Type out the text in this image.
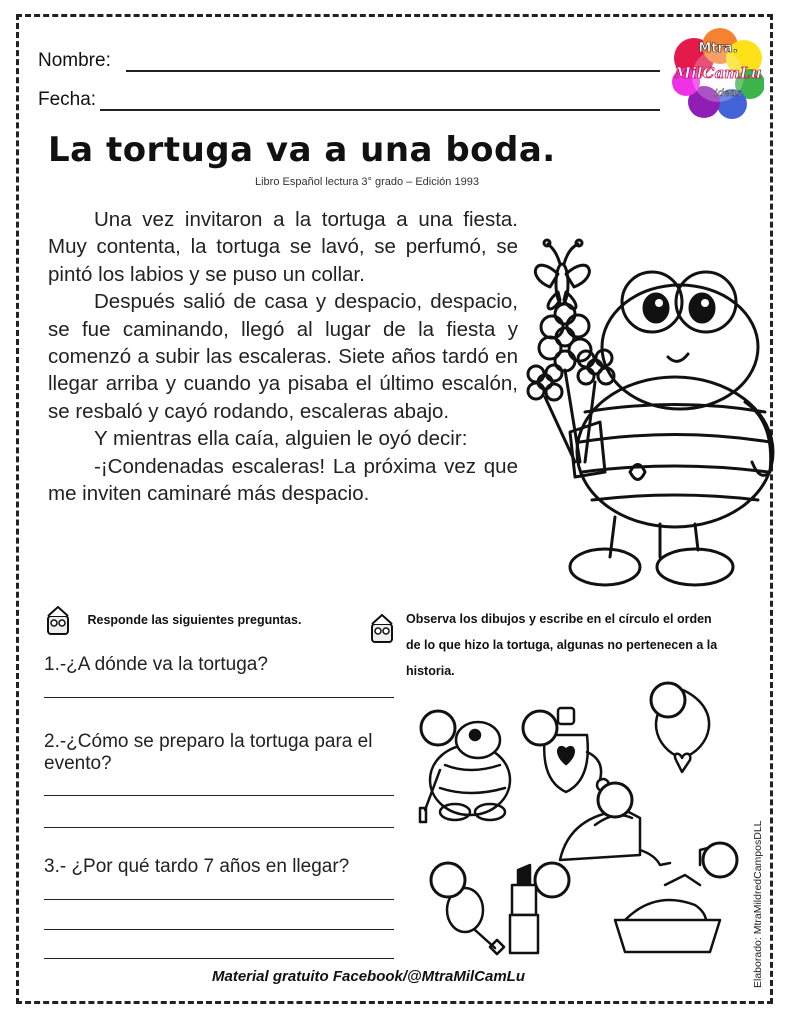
Nombre:
Fecha:
Mtra.
MilCamLu
Ideas
La tortuga va a una boda.
Libro Español lectura 3° grado – Edición 1993

Una vez invitaron a la tortuga a una fiesta. Muy contenta, la tortuga se lavó, se perfumó, se pintó los labios y se puso un collar.

Después salió de casa y despacio, despacio, se fue caminando, llegó al lugar de la fiesta y comenzó a subir las escaleras. Siete años tardó en llegar arriba y cuando ya pisaba el último escalón, se resbaló y cayó rodando, escaleras abajo.

Y mientras ella caía, alguien le oyó decir:

-¡Condenadas escaleras! La próxima vez que me inviten caminaré más despacio.

Responde las siguientes preguntas.
1.-¿A dónde va la tortuga?
2.-¿Cómo se preparo la tortuga para el evento?
3.- ¿Por qué tardo 7 años en llegar?
Observa los dibujos y escribe en el círculo el orden de lo que hizo la tortuga, algunas no pertenecen a la historia.
Material gratuito Facebook/@MtraMilCamLu	Elaborado: MtraMildredCamposDLL
